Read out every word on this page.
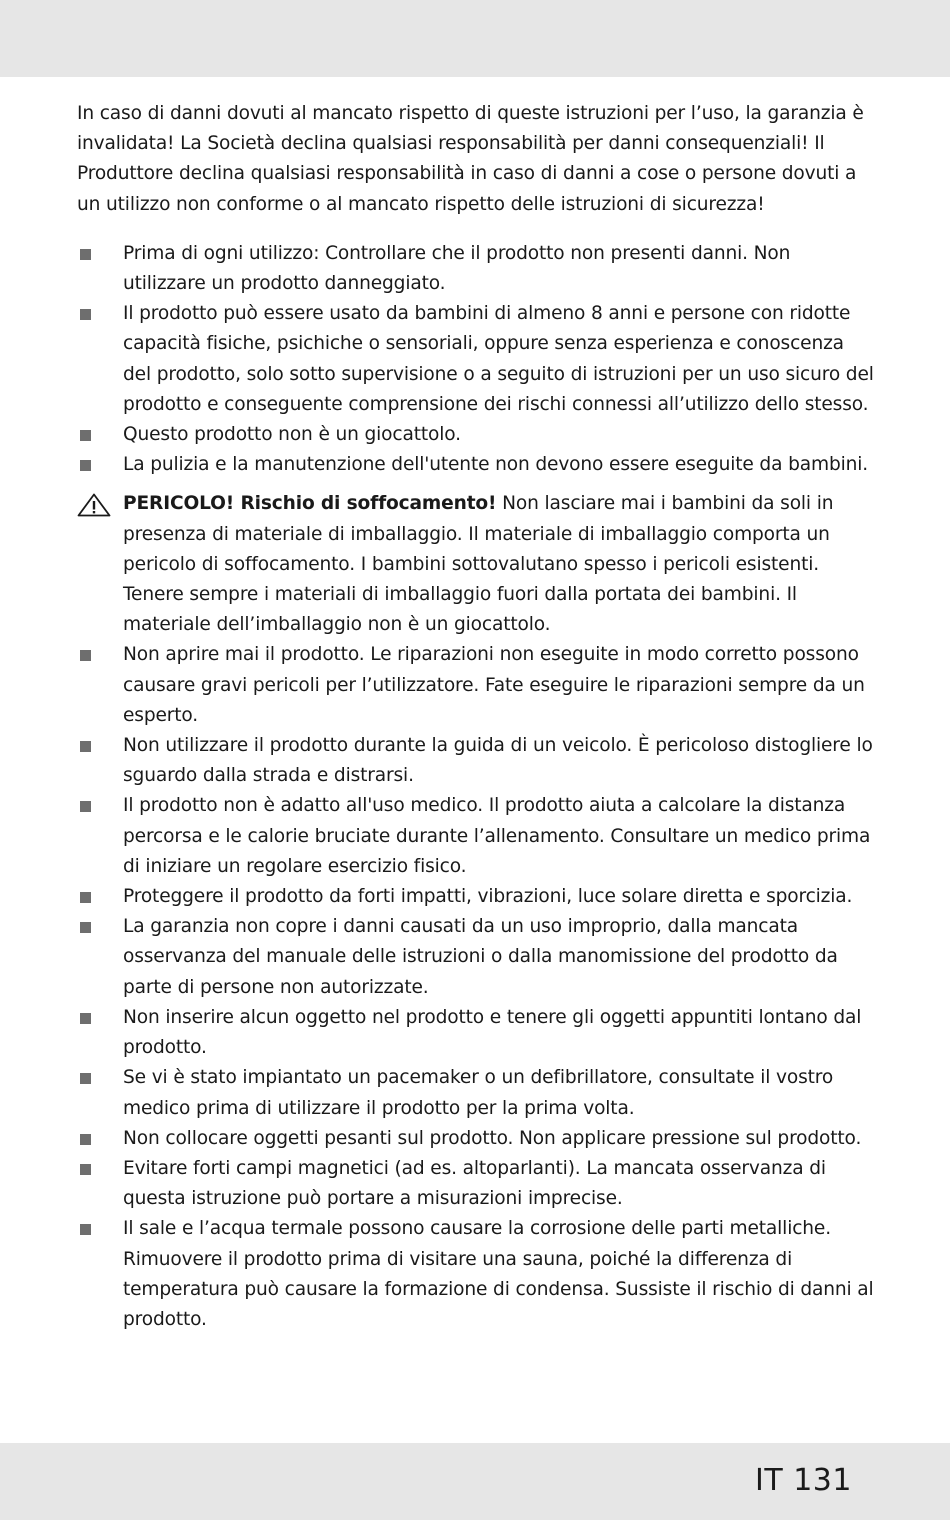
In caso di danni dovuti al mancato rispetto di queste istruzioni per l’uso, la garanzia è invalidata! La Società declina qualsiasi responsabilità per danni consequenziali! Il Produttore declina qualsiasi responsabilità in caso di danni a cose o persone dovuti a un utilizzo non conforme o al mancato rispetto delle istruzioni di sicurezza!

Prima di ogni utilizzo: Controllare che il prodotto non presenti danni. Non utilizzare un prodotto danneggiato.
Il prodotto può essere usato da bambini di almeno 8 anni e persone con ridotte capacità fisiche, psichiche o sensoriali, oppure senza esperienza e conoscenza del prodotto, solo sotto supervisione o a seguito di istruzioni per un uso sicuro del prodotto e conseguente comprensione dei rischi connessi all’utilizzo dello stesso.
Questo prodotto non è un giocattolo.
La pulizia e la manutenzione dell'utente non devono essere eseguite da bambini.
PERICOLO! Rischio di soffocamento! Non lasciare mai i bambini da soli in presenza di materiale di imballaggio. Il materiale di imballaggio comporta un pericolo di soffocamento. I bambini sottovalutano spesso i pericoli esistenti. Tenere sempre i materiali di imballaggio fuori dalla portata dei bambini. Il materiale dell’imballaggio non è un giocattolo.
Non aprire mai il prodotto. Le riparazioni non eseguite in modo corretto possono causare gravi pericoli per l’utilizzatore. Fate eseguire le riparazioni sempre da un esperto.
Non utilizzare il prodotto durante la guida di un veicolo. È pericoloso distogliere lo sguardo dalla strada e distrarsi.
Il prodotto non è adatto all'uso medico. Il prodotto aiuta a calcolare la distanza percorsa e le calorie bruciate durante l’allenamento. Consultare un medico prima di iniziare un regolare esercizio fisico.
Proteggere il prodotto da forti impatti, vibrazioni, luce solare diretta e sporcizia.
La garanzia non copre i danni causati da un uso improprio, dalla mancata osservanza del manuale delle istruzioni o dalla manomissione del prodotto da parte di persone non autorizzate.
Non inserire alcun oggetto nel prodotto e tenere gli oggetti appuntiti lontano dal prodotto.
Se vi è stato impiantato un pacemaker o un defibrillatore, consultate il vostro medico prima di utilizzare il prodotto per la prima volta.
Non collocare oggetti pesanti sul prodotto. Non applicare pressione sul prodotto.
Evitare forti campi magnetici (ad es. altoparlanti). La mancata osservanza di questa istruzione può portare a misurazioni imprecise.
Il sale e l’acqua termale possono causare la corrosione delle parti metalliche. Rimuovere il prodotto prima di visitare una sauna, poiché la differenza di temperatura può causare la formazione di condensa. Sussiste il rischio di danni al prodotto.
IT 131
